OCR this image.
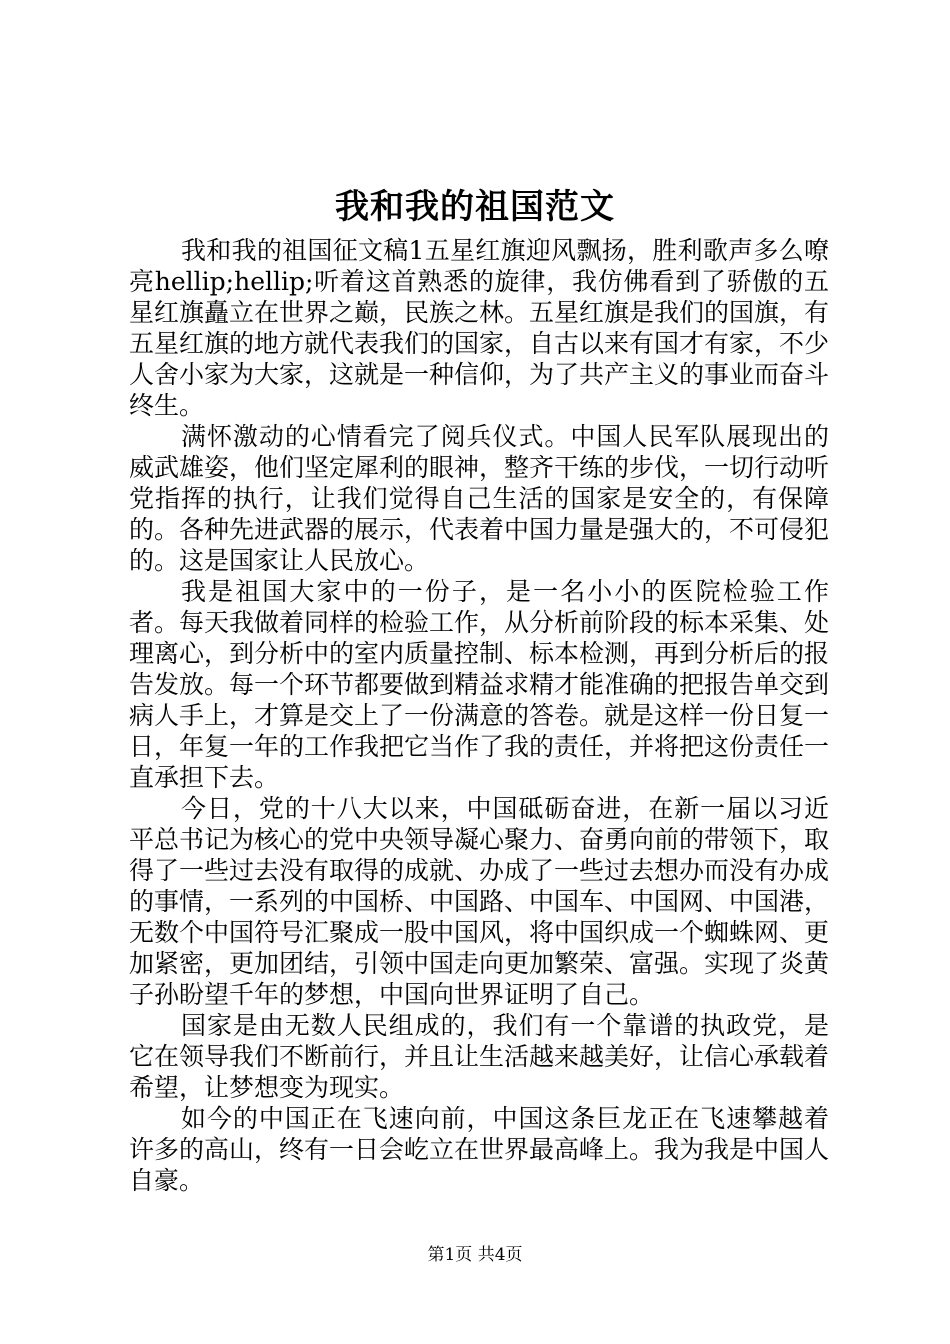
我和我的祖国范文

我和我的祖国征文稿1五星红旗迎风飘扬，胜利歌声多么嘹亮hellip;hellip;听着这首熟悉的旋律，我仿佛看到了骄傲的五星红旗矗立在世界之巅，民族之林。五星红旗是我们的国旗，有五星红旗的地方就代表我们的国家，自古以来有国才有家，不少人舍小家为大家，这就是一种信仰，为了共产主义的事业而奋斗终生。

满怀激动的心情看完了阅兵仪式。中国人民军队展现出的威武雄姿，他们坚定犀利的眼神，整齐干练的步伐，一切行动听党指挥的执行，让我们觉得自己生活的国家是安全的，有保障的。各种先进武器的展示，代表着中国力量是强大的，不可侵犯的。这是国家让人民放心。

我是祖国大家中的一份子，是一名小小的医院检验工作者。每天我做着同样的检验工作，从分析前阶段的标本采集、处理离心，到分析中的室内质量控制、标本检测，再到分析后的报告发放。每一个环节都要做到精益求精才能准确的把报告单交到病人手上，才算是交上了一份满意的答卷。就是这样一份日复一日，年复一年的工作我把它当作了我的责任，并将把这份责任一直承担下去。

今日，党的十八大以来，中国砥砺奋进，在新一届以习近平总书记为核心的党中央领导凝心聚力、奋勇向前的带领下，取得了一些过去没有取得的成就、办成了一些过去想办而没有办成的事情，一系列的中国桥、中国路、中国车、中国网、中国港，无数个中国符号汇聚成一股中国风，将中国织成一个蜘蛛网、更加紧密，更加团结，引领中国走向更加繁荣、富强。实现了炎黄子孙盼望千年的梦想，中国向世界证明了自己。

国家是由无数人民组成的，我们有一个靠谱的执政党，是它在领导我们不断前行，并且让生活越来越美好，让信心承载着希望，让梦想变为现实。

如今的中国正在飞速向前，中国这条巨龙正在飞速攀越着许多的高山，终有一日会屹立在世界最高峰上。我为我是中国人自豪。

第1页 共4页
